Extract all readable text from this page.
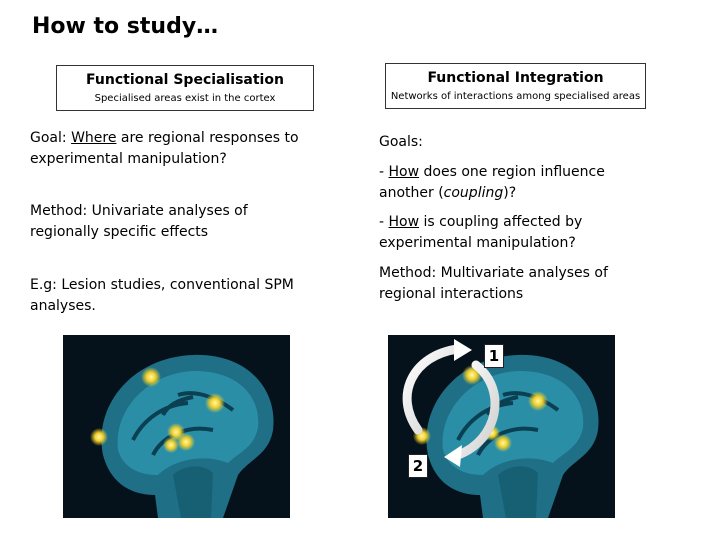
How to study…
Functional Specialisation
Specialised areas exist in the cortex
Goal: Where are regional responses to experimental manipulation?
Method: Univariate analyses of regionally specific effects
E.g: Lesion studies, conventional SPM analyses.
Functional Integration
Networks of interactions among specialised areas
Goals:
- How does one region influence another (coupling)?
- How is coupling affected by experimental manipulation?
Method: Multivariate analyses of regional interactions
1
2
